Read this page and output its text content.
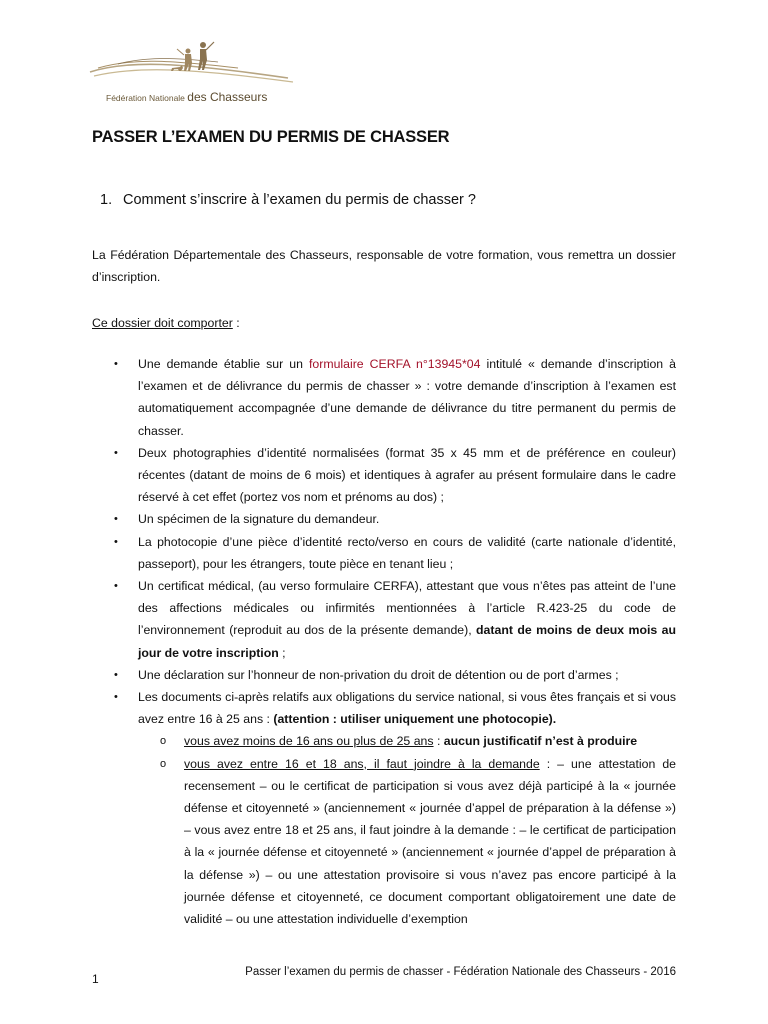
Fédération Nationale des Chasseurs
PASSER L’EXAMEN DU PERMIS DE CHASSER
1. Comment s’inscrire à l’examen du permis de chasser ?
La Fédération Départementale des Chasseurs, responsable de votre formation, vous remettra un dossier d’inscription.
Ce dossier doit comporter :
• Une demande établie sur un formulaire CERFA n°13945*04 intitulé « demande d’inscription à l’examen et de délivrance du permis de chasser » : votre demande d’inscription à l’examen est automatiquement accompagnée d’une demande de délivrance du titre permanent du permis de chasser.
• Deux photographies d’identité normalisées (format 35 x 45 mm et de préférence en couleur) récentes (datant de moins de 6 mois) et identiques à agrafer au présent formulaire dans le cadre réservé à cet effet (portez vos nom et prénoms au dos) ;
• Un spécimen de la signature du demandeur.
• La photocopie d’une pièce d’identité recto/verso en cours de validité (carte nationale d’identité, passeport), pour les étrangers, toute pièce en tenant lieu ;
• Un certificat médical, (au verso formulaire CERFA), attestant que vous n’êtes pas atteint de l’une des affections médicales ou infirmités mentionnées à l’article R.423-25 du code de l’environnement (reproduit au dos de la présente demande), datant de moins de deux mois au jour de votre inscription ;
• Une déclaration sur l’honneur de non-privation du droit de détention ou de port d’armes ;
• Les documents ci-après relatifs aux obligations du service national, si vous êtes français et si vous avez entre 16 à 25 ans : (attention : utiliser uniquement une photocopie).
o vous avez moins de 16 ans ou plus de 25 ans : aucun justificatif n’est à produire
o vous avez entre 16 et 18 ans, il faut joindre à la demande : – une attestation de recensement – ou le certificat de participation si vous avez déjà participé à la « journée défense et citoyenneté » (anciennement « journée d’appel de préparation à la défense ») – vous avez entre 18 et 25 ans, il faut joindre à la demande : – le certificat de participation à la « journée défense et citoyenneté » (anciennement « journée d’appel de préparation à la défense ») – ou une attestation provisoire si vous n’avez pas encore participé à la journée défense et citoyenneté, ce document comportant obligatoirement une date de validité – ou une attestation individuelle d’exemption
1	Passer l’examen du permis de chasser - Fédération Nationale des Chasseurs - 2016
